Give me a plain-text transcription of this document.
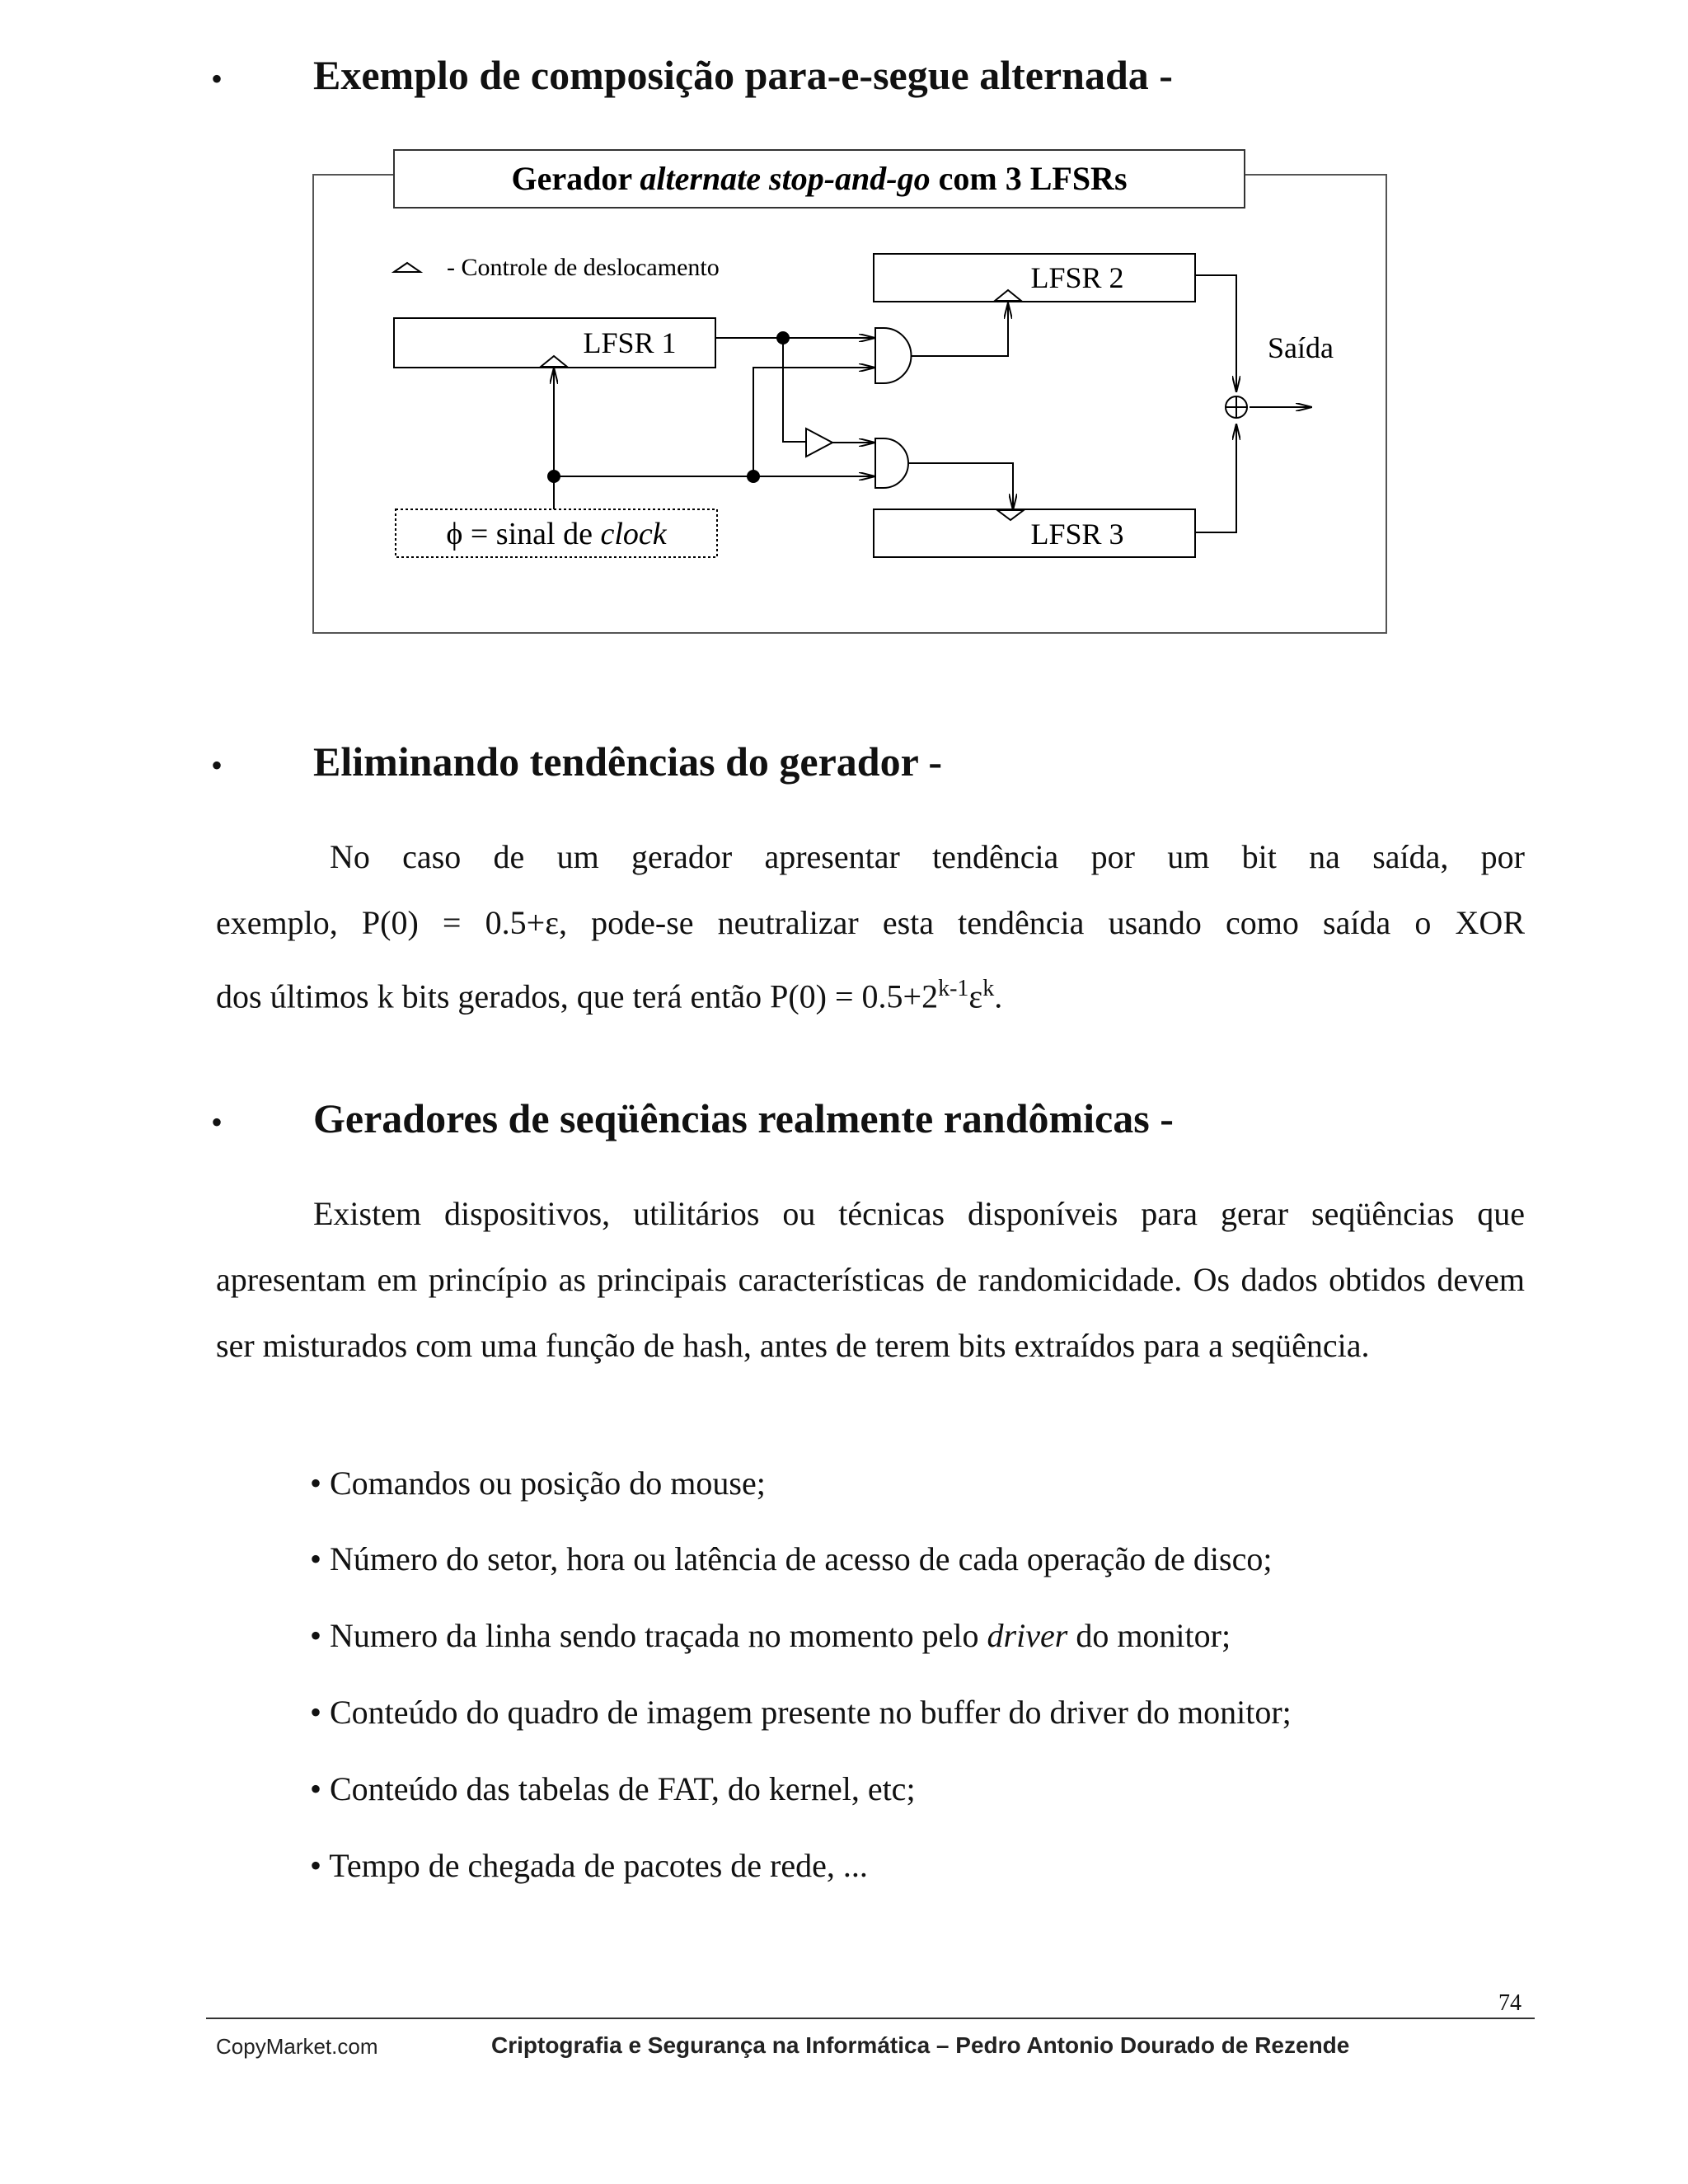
• Exemplo de composição para-e-segue alternada -
Gerador alternate stop-and-go com 3 LFSRs
- Controle de deslocamento
LFSR 1
LFSR 2
LFSR 3
ϕ = sinal de clock
Saída
• Eliminando tendências do gerador -
No caso de um gerador apresentar tendência por um bit na saída, por
exemplo, P(0) = 0.5+ε, pode-se neutralizar esta tendência usando como saída o XOR
dos últimos k bits gerados, que terá então $P(0) = 0.5+2^{k-1}\varepsilon^k$.
• Geradores de seqüências realmente randômicas -
Existem dispositivos, utilitários ou técnicas disponíveis para gerar seqüências que apresentam em princípio as principais características de randomicidade. Os dados obtidos devem ser misturados com uma função de hash, antes de terem bits extraídos para a seqüência.
• Comandos ou posição do mouse;
• Número do setor, hora ou latência de acesso de cada operação de disco;
• Numero da linha sendo traçada no momento pelo driver do monitor;
• Conteúdo do quadro de imagem presente no buffer do driver do monitor;
• Conteúdo das tabelas de FAT, do kernel, etc;
• Tempo de chegada de pacotes de rede, ...
74
CopyMarket.com	Criptografia e Segurança na Informática – Pedro Antonio Dourado de Rezende
